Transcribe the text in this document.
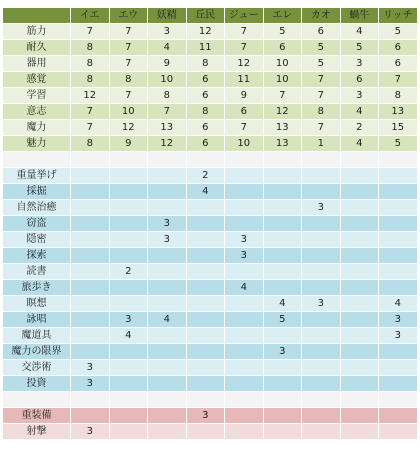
	イエ	エウ	妖精	丘民	ジュー	エレ	カオ	蝸牛	リッチ
筋力	7	7	3	12	7	5	6	4	5
耐久	8	7	4	11	7	6	5	5	6
器用	8	7	9	8	12	10	5	3	6
感覚	8	8	10	6	11	10	7	6	7
学習	12	7	8	6	9	7	7	3	8
意志	7	10	7	8	6	12	8	4	13
魔力	7	12	13	6	7	13	7	2	15
魅力	8	9	12	6	10	13	1	4	5

重量挙げ				2					
採掘				4					
自然治癒							3		
窃盗			3						
隠密			3		3				
探索					3				
読書		2							
旅歩き					4				
瞑想						4	3		4
詠唱		3	4			5			3
魔道具		4							3
魔力の限界						3			
交渉術	3								
投資	3								

重装備				3					
射撃	3								
